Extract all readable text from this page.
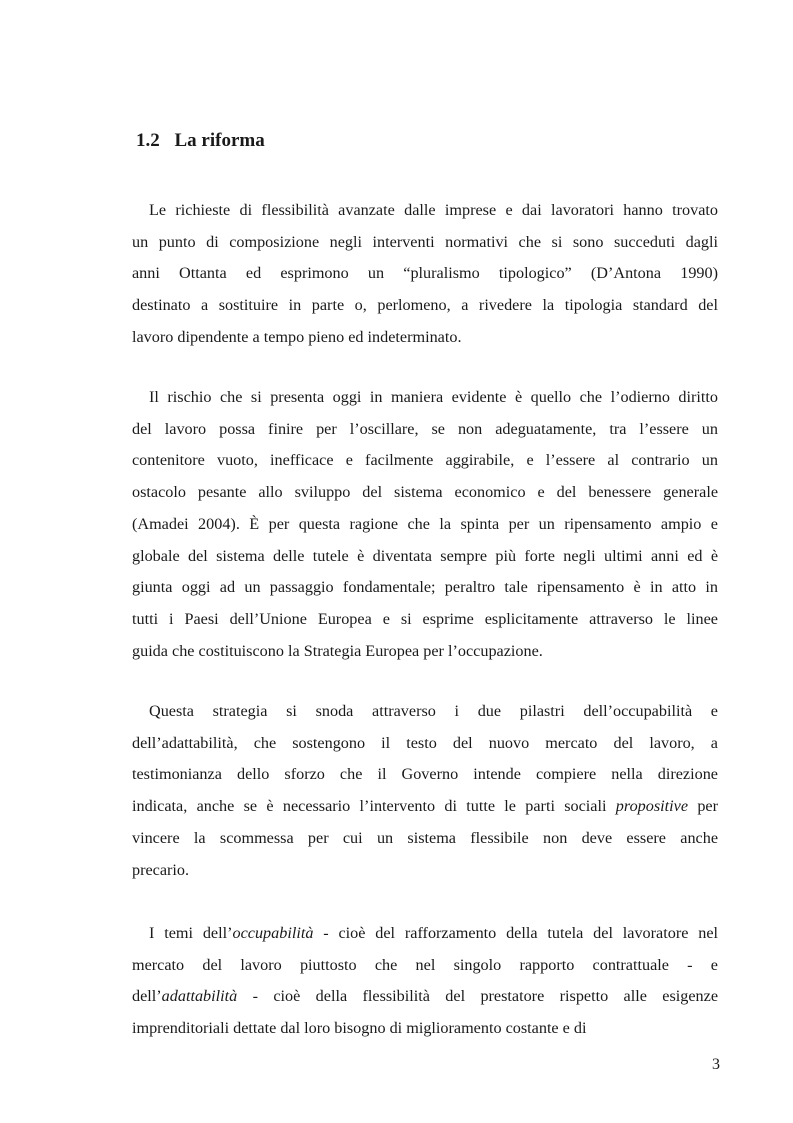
1.2 La riforma

Le richieste di flessibilità avanzate dalle imprese e dai lavoratori hanno trovato
un punto di composizione negli interventi normativi che si sono succeduti dagli
anni Ottanta ed esprimono un “pluralismo tipologico” (D’Antona 1990)
destinato a sostituire in parte o, perlomeno, a rivedere la tipologia standard del
lavoro dipendente a tempo pieno ed indeterminato.

Il rischio che si presenta oggi in maniera evidente è quello che l’odierno diritto
del lavoro possa finire per l’oscillare, se non adeguatamente, tra l’essere un
contenitore vuoto, inefficace e facilmente aggirabile, e l’essere al contrario un
ostacolo pesante allo sviluppo del sistema economico e del benessere generale
(Amadei 2004). È per questa ragione che la spinta per un ripensamento ampio e
globale del sistema delle tutele è diventata sempre più forte negli ultimi anni ed è
giunta oggi ad un passaggio fondamentale; peraltro tale ripensamento è in atto in
tutti i Paesi dell’Unione Europea e si esprime esplicitamente attraverso le linee
guida che costituiscono la Strategia Europea per l’occupazione.

Questa strategia si snoda attraverso i due pilastri dell’occupabilità e
dell’adattabilità, che sostengono il testo del nuovo mercato del lavoro, a
testimonianza dello sforzo che il Governo intende compiere nella direzione
indicata, anche se è necessario l’intervento di tutte le parti sociali propositive per
vincere la scommessa per cui un sistema flessibile non deve essere anche
precario.

I temi dell’occupabilità - cioè del rafforzamento della tutela del lavoratore nel
mercato del lavoro piuttosto che nel singolo rapporto contrattuale - e
dell’adattabilità - cioè della flessibilità del prestatore rispetto alle esigenze
imprenditoriali dettate dal loro bisogno di miglioramento costante e di

3
